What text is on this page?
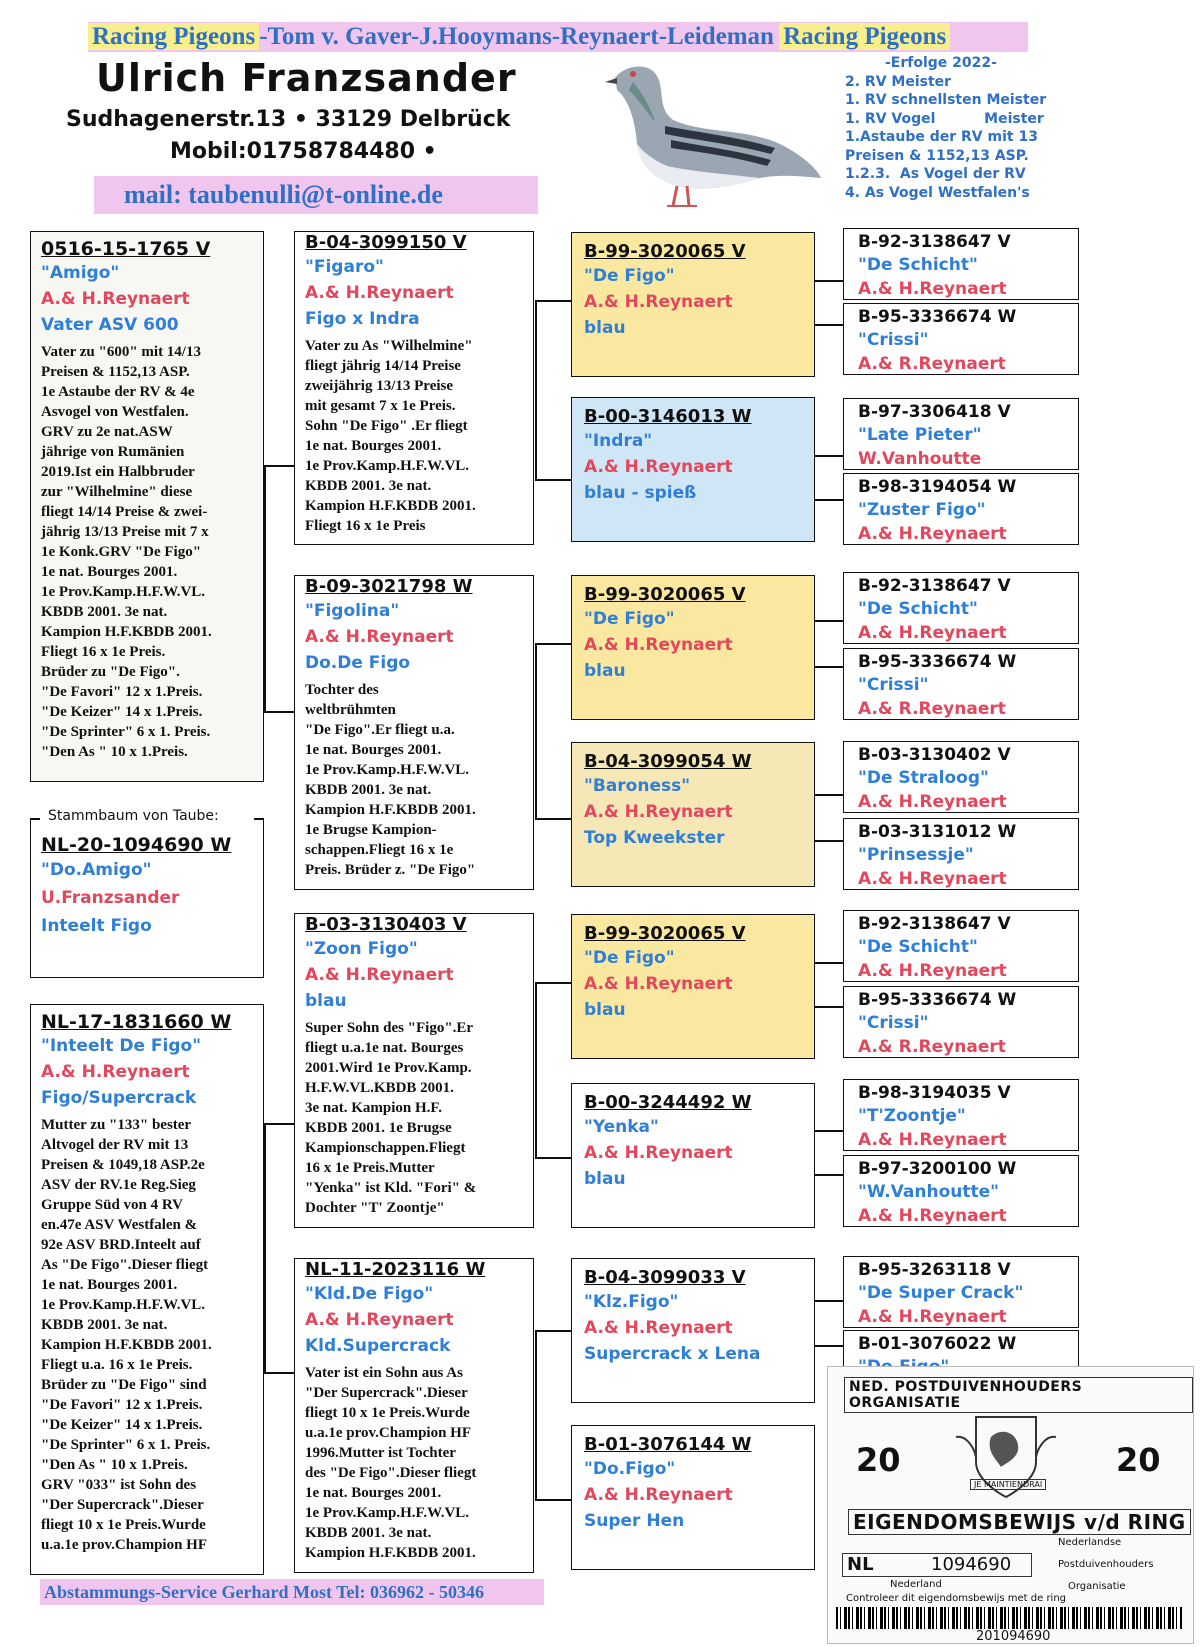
Racing Pigeons -Tom v. Gaver-J.Hooymans-Reynaert-Leideman Racing Pigeons
Ulrich Franzsander
Sudhagenerstr.13 • 33129 Delbrück
Mobil:01758784480 •
mail: taubenulli@t-online.de
-Erfolge 2022-
2. RV Meister
1. RV schnellsten Meister
1. RV Vogel          Meister
1.Astaube der RV mit 13
Preisen & 1152,13 ASP.
1.2.3.  As Vogel der RV
4. As Vogel Westfalen's
0516-15-1765 V
"Amigo"
A.& H.Reynaert
Vater ASV 600
Vater zu "600" mit 14/13
Preisen & 1152,13 ASP.
1e Astaube der RV & 4e
Asvogel von Westfalen.
GRV zu 2e nat.ASW
jährige von Rumänien
2019.Ist ein Halbbruder
zur "Wilhelmine" diese
fliegt 14/14 Preise & zwei-
jährig 13/13 Preise mit 7 x
1e Konk.GRV "De Figo"
1e nat. Bourges 2001.
1e Prov.Kamp.H.F.W.VL.
KBDB 2001. 3e nat.
Kampion H.F.KBDB 2001.
Fliegt 16 x 1e Preis.
Brüder zu "De Figo".
"De Favori" 12 x 1.Preis.
"De Keizer" 14 x 1.Preis.
"De Sprinter" 6 x 1. Preis.
"Den As " 10 x 1.Preis.
NL-20-1094690 W
"Do.Amigo"
U.Franzsander
Inteelt Figo
Stammbaum von Taube:
NL-17-1831660 W
"Inteelt De Figo"
A.& H.Reynaert
Figo/Supercrack
Mutter zu "133" bester
Altvogel der RV mit 13
Preisen & 1049,18 ASP.2e
ASV der RV.1e Reg.Sieg
Gruppe Süd von 4 RV
en.47e ASV Westfalen &
92e ASV BRD.Inteelt auf
As "De Figo".Dieser fliegt
1e nat. Bourges 2001.
1e Prov.Kamp.H.F.W.VL.
KBDB 2001. 3e nat.
Kampion H.F.KBDB 2001.
Fliegt u.a. 16 x 1e Preis.
Brüder zu "De Figo" sind
"De Favori" 12 x 1.Preis.
"De Keizer" 14 x 1.Preis.
"De Sprinter" 6 x 1. Preis.
"Den As " 10 x 1.Preis.
GRV "033" ist Sohn des
"Der Supercrack".Dieser
fliegt 10 x 1e Preis.Wurde
u.a.1e prov.Champion HF
B-04-3099150 V
"Figaro"
A.& H.Reynaert
Figo x Indra
Vater zu As "Wilhelmine"
fliegt jährig 14/14 Preise
zweijährig 13/13 Preise
mit gesamt 7 x 1e Preis.
Sohn "De Figo" .Er fliegt
1e nat. Bourges 2001.
1e Prov.Kamp.H.F.W.VL.
KBDB 2001. 3e nat.
Kampion H.F.KBDB 2001.
Fliegt 16 x 1e Preis
B-09-3021798 W
"Figolina"
A.& H.Reynaert
Do.De Figo
Tochter des
weltbrühmten
"De Figo".Er fliegt u.a.
1e nat. Bourges 2001.
1e Prov.Kamp.H.F.W.VL.
KBDB 2001. 3e nat.
Kampion H.F.KBDB 2001.
1e Brugse Kampion-
schappen.Fliegt 16 x 1e
Preis. Brüder z. "De Figo"
B-03-3130403 V
"Zoon Figo"
A.& H.Reynaert
blau
Super Sohn des "Figo".Er
fliegt u.a.1e nat. Bourges
2001.Wird 1e Prov.Kamp.
H.F.W.VL.KBDB 2001.
3e nat. Kampion H.F.
KBDB 2001. 1e Brugse
Kampionschappen.Fliegt
16 x 1e Preis.Mutter
"Yenka" ist Kld. "Fori" &
Dochter "T' Zoontje"
NL-11-2023116 W
"Kld.De Figo"
A.& H.Reynaert
Kld.Supercrack
Vater ist ein Sohn aus As
"Der Supercrack".Dieser
fliegt 10 x 1e Preis.Wurde
u.a.1e prov.Champion HF
1996.Mutter ist Tochter
des "De Figo".Dieser fliegt
1e nat. Bourges 2001.
1e Prov.Kamp.H.F.W.VL.
KBDB 2001. 3e nat.
Kampion H.F.KBDB 2001.
B-99-3020065 V
"De Figo"
A.& H.Reynaert
blau
B-00-3146013 W
"Indra"
A.& H.Reynaert
blau - spieß
B-99-3020065 V
"De Figo"
A.& H.Reynaert
blau
B-04-3099054 W
"Baroness"
A.& H.Reynaert
Top Kweekster
B-99-3020065 V
"De Figo"
A.& H.Reynaert
blau
B-00-3244492 W
"Yenka"
A.& H.Reynaert
blau
B-04-3099033 V
"Klz.Figo"
A.& H.Reynaert
Supercrack x Lena
B-01-3076144 W
"Do.Figo"
A.& H.Reynaert
Super Hen
B-92-3138647 V
"De Schicht"
A.& H.Reynaert
B-95-3336674 W
"Crissi"
A.& R.Reynaert
B-97-3306418 V
"Late Pieter"
W.Vanhoutte
B-98-3194054 W
"Zuster Figo"
A.& H.Reynaert
B-92-3138647 V
"De Schicht"
A.& H.Reynaert
B-95-3336674 W
"Crissi"
A.& R.Reynaert
B-03-3130402 V
"De Straloog"
A.& H.Reynaert
B-03-3131012 W
"Prinsessje"
A.& H.Reynaert
B-92-3138647 V
"De Schicht"
A.& H.Reynaert
B-95-3336674 W
"Crissi"
A.& R.Reynaert
B-98-3194035 V
"T'Zoontje"
A.& H.Reynaert
B-97-3200100 W
"W.Vanhoutte"
A.& H.Reynaert
B-95-3263118 V
"De Super Crack"
A.& H.Reynaert
B-01-3076022 W
Abstammungs-Service Gerhard Most Tel: 036962 - 50346
NED. POSTDUIVENHOUDERS ORGANISATIE
20	20
JE MAINTIENDRAI
EIGENDOMSBEWIJS v/d RING
NL	1094690
Nederland
Nederlandse
Postduivenhouders
Organisatie
Controleer dit eigendomsbewijs met de ring
201094690
